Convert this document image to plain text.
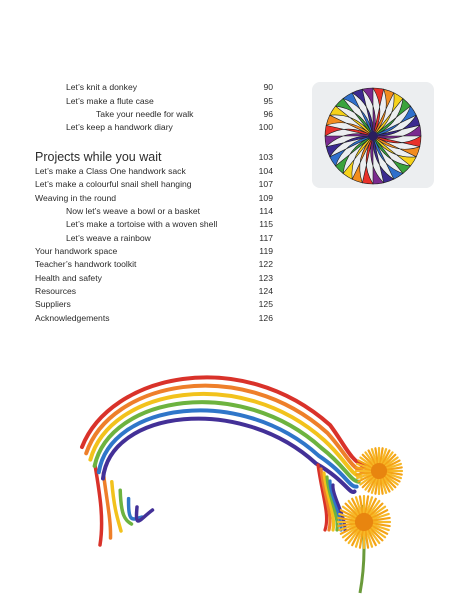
Let’s knit a donkey	90
Let’s make a flute case	95
Take your needle for walk	96
Let’s keep a handwork diary	100
Projects while you wait	103
Let’s make a Class One handwork sack	104
Let’s make a colourful snail shell hanging	107
Weaving in the round	109
Now let’s weave a bowl or a basket	114
Let’s make a tortoise with a woven shell	115
Let’s weave a rainbow	117
Your handwork space	119
Teacher’s handwork toolkit	122
Health and safety	123
Resources	124
Suppliers	125
Acknowledgements	126
